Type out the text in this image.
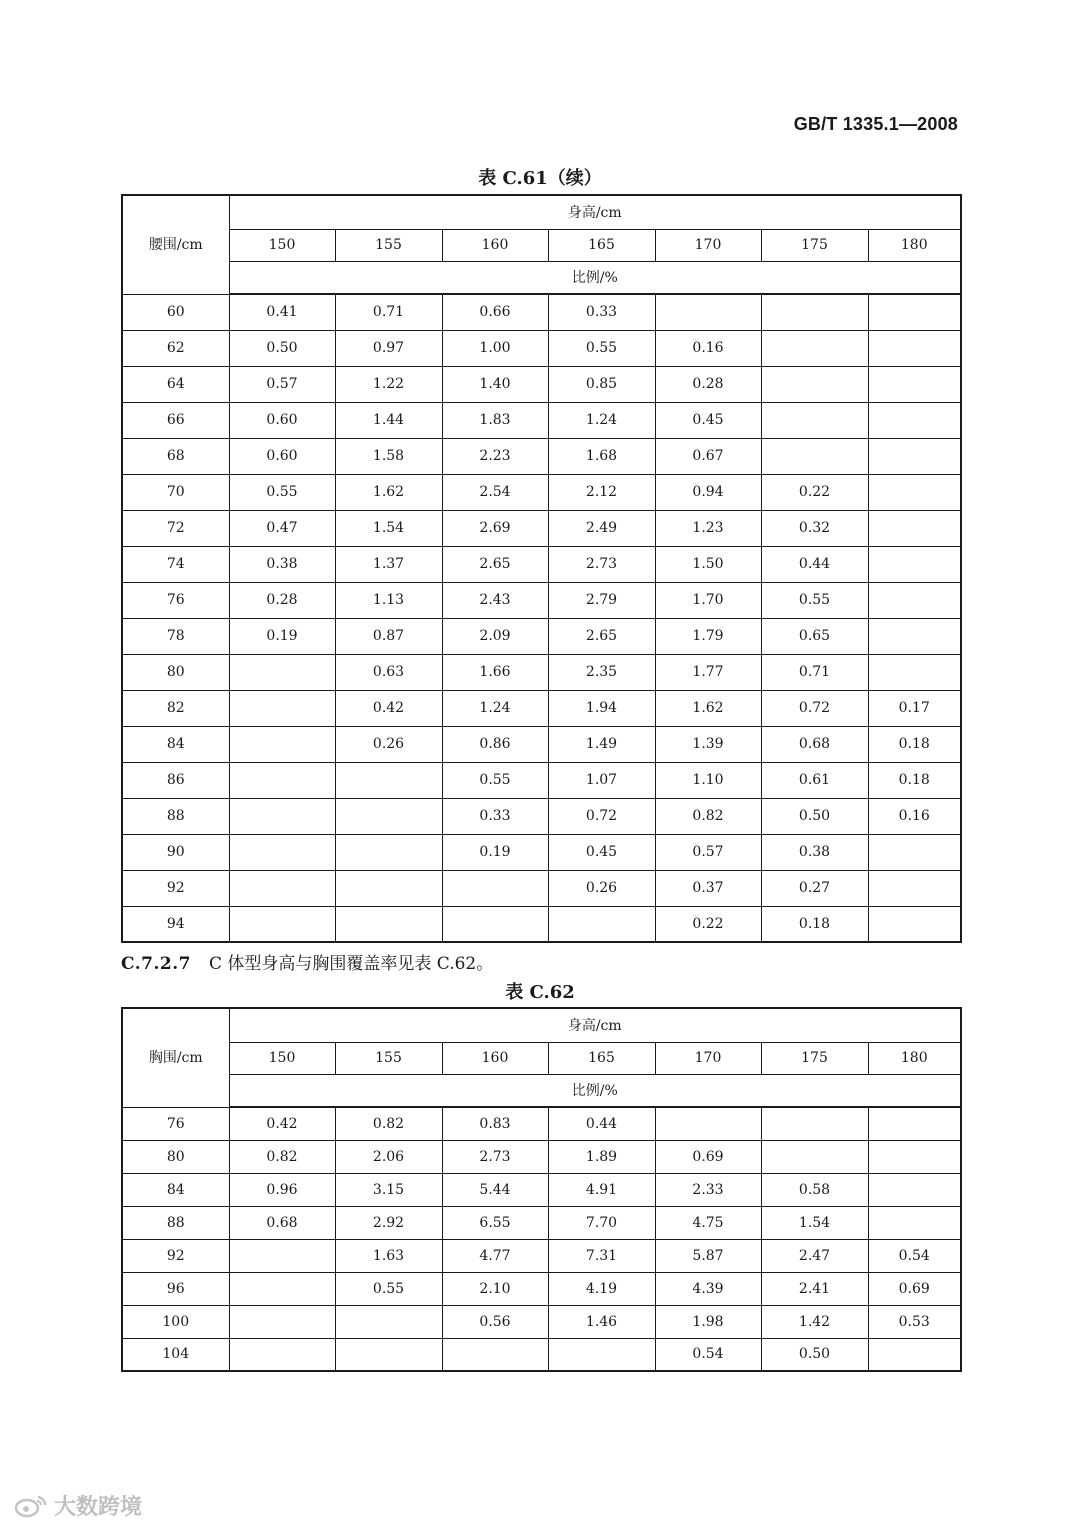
GB/T 1335.1—2008
表 C.61（续）
腰围/cm	身高/cm						
	150	155	160	165	170	175	180
	比例/%						
60	0.41	0.71	0.66	0.33			
62	0.50	0.97	1.00	0.55	0.16		
64	0.57	1.22	1.40	0.85	0.28		
66	0.60	1.44	1.83	1.24	0.45		
68	0.60	1.58	2.23	1.68	0.67		
70	0.55	1.62	2.54	2.12	0.94	0.22	
72	0.47	1.54	2.69	2.49	1.23	0.32	
74	0.38	1.37	2.65	2.73	1.50	0.44	
76	0.28	1.13	2.43	2.79	1.70	0.55	
78	0.19	0.87	2.09	2.65	1.79	0.65	
80		0.63	1.66	2.35	1.77	0.71	
82		0.42	1.24	1.94	1.62	0.72	0.17
84		0.26	0.86	1.49	1.39	0.68	0.18
86			0.55	1.07	1.10	0.61	0.18
88			0.33	0.72	0.82	0.50	0.16
90			0.19	0.45	0.57	0.38	
92				0.26	0.37	0.27	
94					0.22	0.18	
C.7.2.7 C 体型身高与胸围覆盖率见表 C.62。
表 C.62
胸围/cm	身高/cm						
	150	155	160	165	170	175	180
	比例/%						
76	0.42	0.82	0.83	0.44			
80	0.82	2.06	2.73	1.89	0.69		
84	0.96	3.15	5.44	4.91	2.33	0.58	
88	0.68	2.92	6.55	7.70	4.75	1.54	
92		1.63	4.77	7.31	5.87	2.47	0.54
96		0.55	2.10	4.19	4.39	2.41	0.69
100			0.56	1.46	1.98	1.42	0.53
104					0.54	0.50	
大数跨境
